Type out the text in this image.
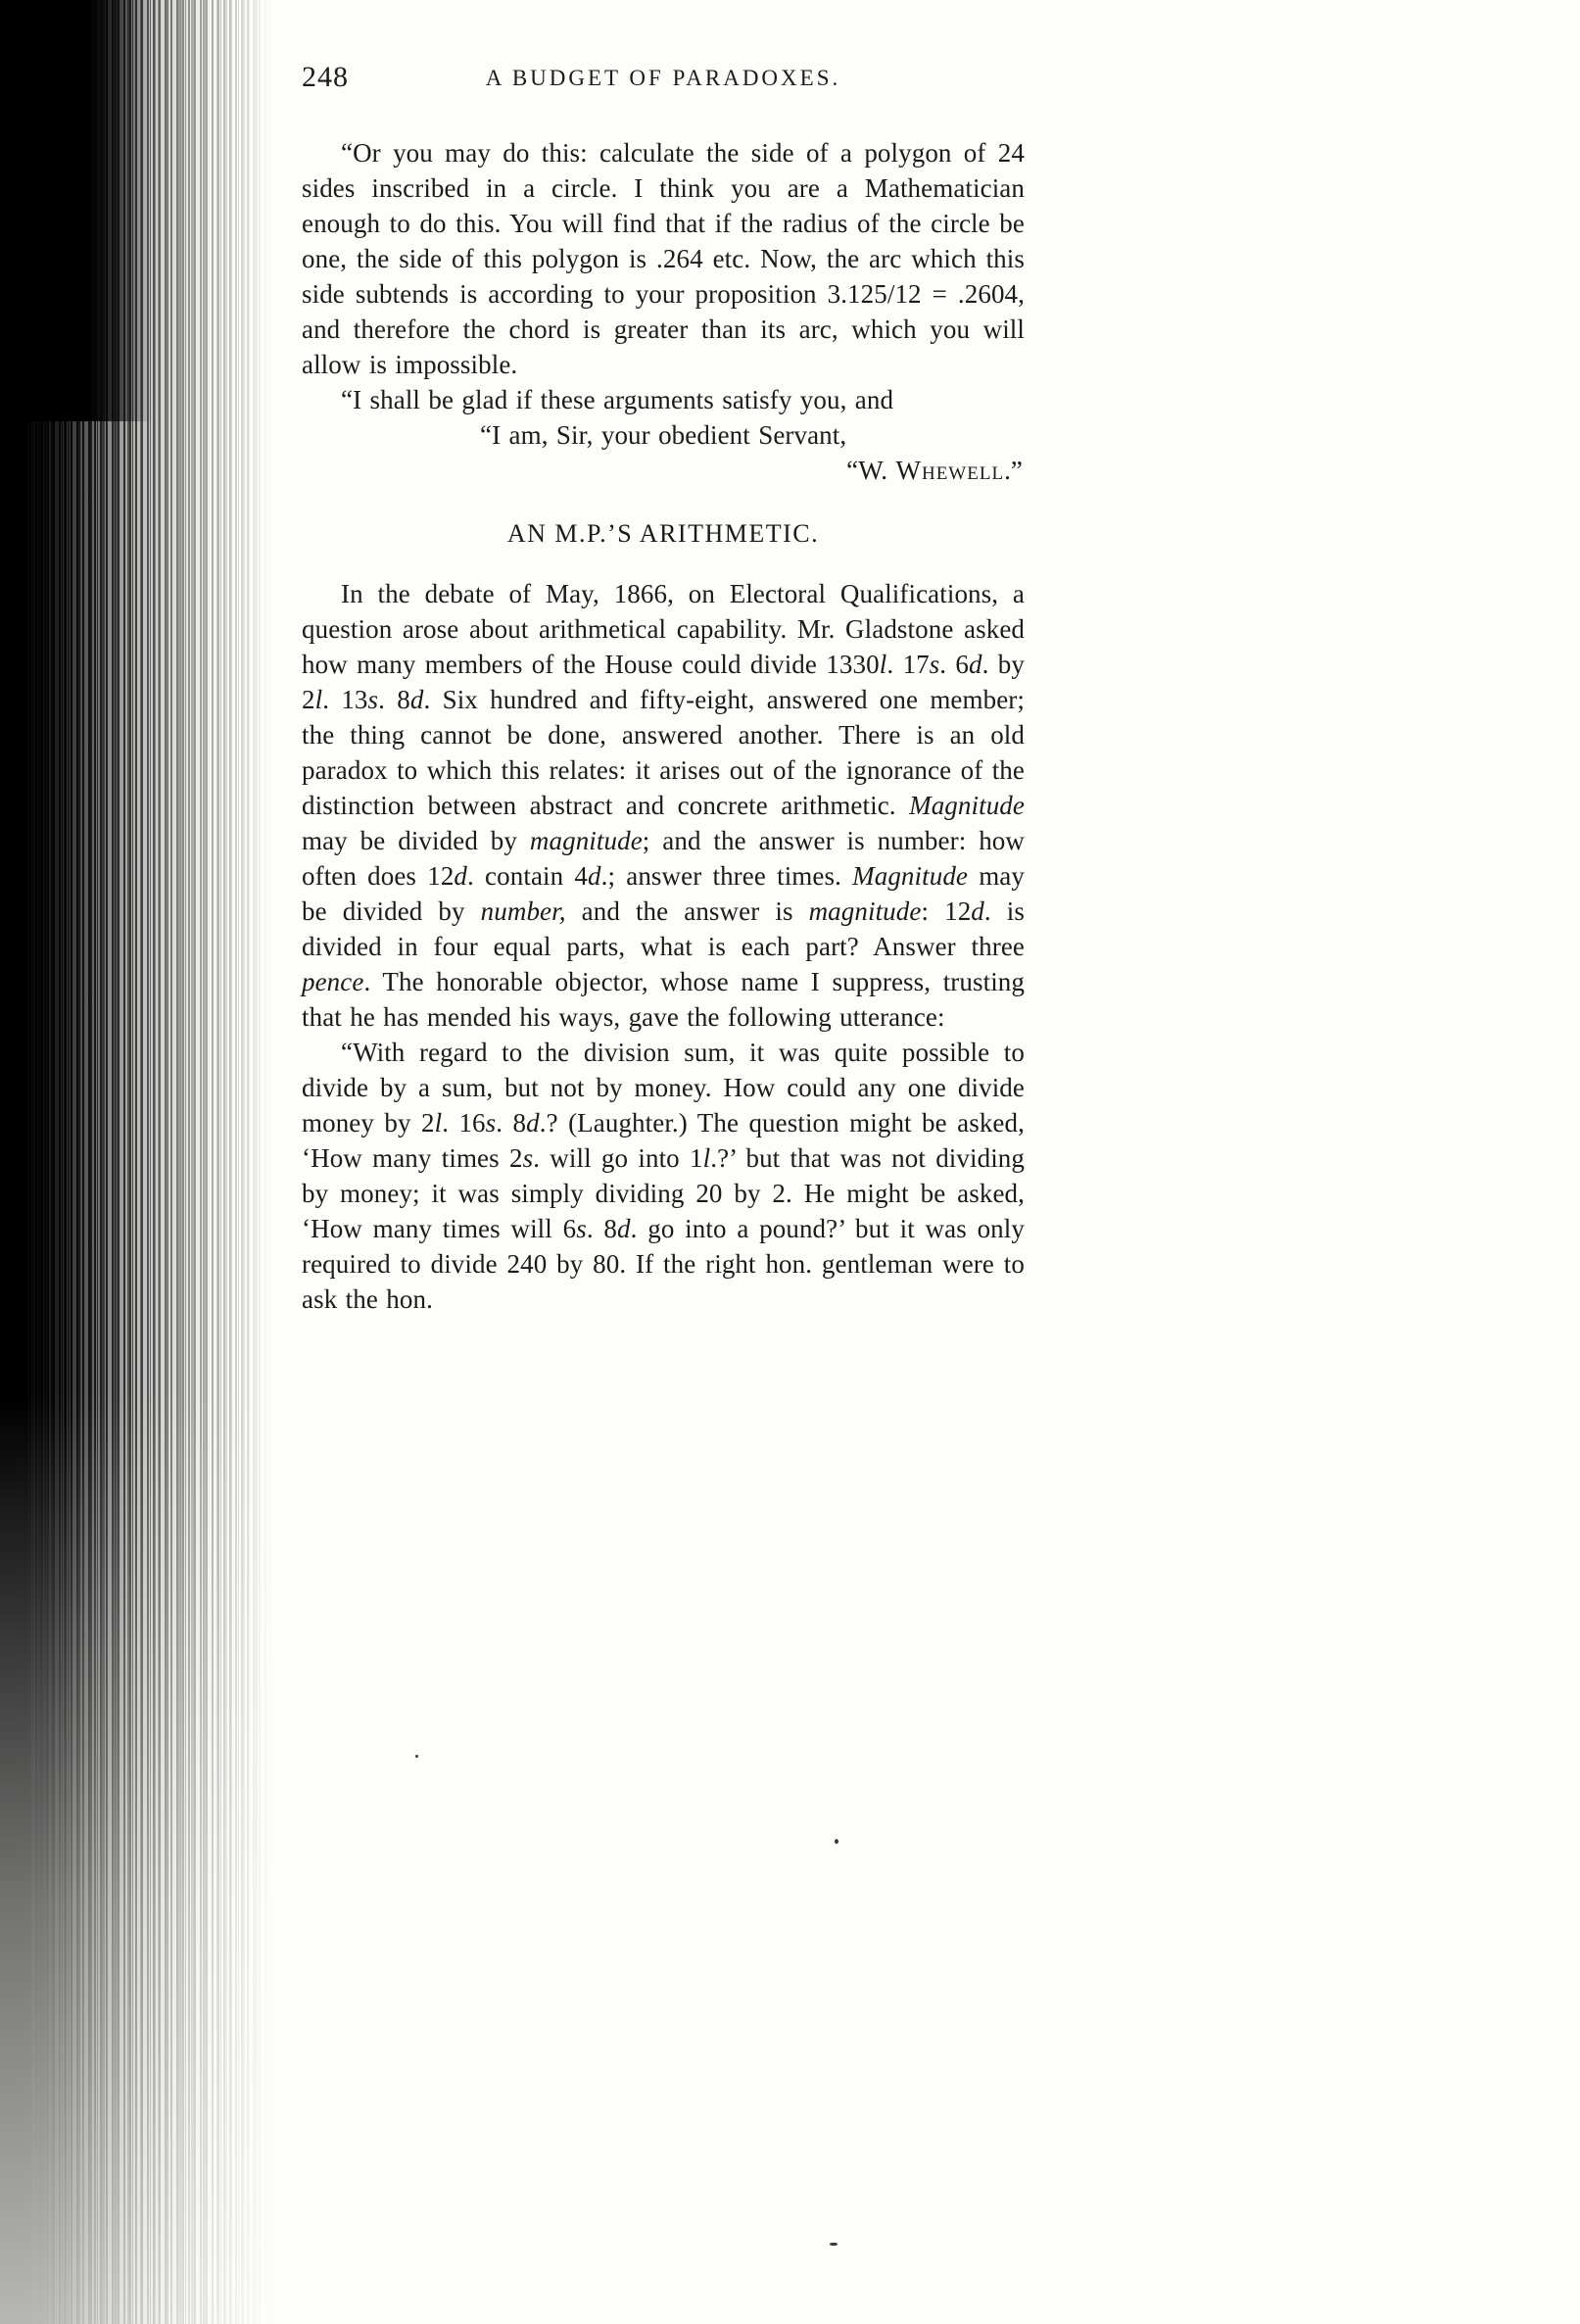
248	A BUDGET OF PARADOXES.

“Or you may do this: calculate the side of a polygon of 24 sides inscribed in a circle. I think you are a Mathematician enough to do this. You will find that if the radius of the circle be one, the side of this polygon is .264 etc. Now, the arc which this side subtends is according to your proposition 3.125/12 = .2604, and therefore the chord is greater than its arc, which you will allow is impossible.

“I shall be glad if these arguments satisfy you, and

“I am, Sir, your obedient Servant,

“W. Whewell.”

AN M.P.’S ARITHMETIC.

In the debate of May, 1866, on Electoral Qualifications, a question arose about arithmetical capability. Mr. Gladstone asked how many members of the House could divide 1330l. 17s. 6d. by 2l. 13s. 8d. Six hundred and fifty-eight, answered one member; the thing cannot be done, answered another. There is an old paradox to which this relates: it arises out of the ignorance of the distinction between abstract and concrete arithmetic. Magnitude may be divided by magnitude; and the answer is number: how often does 12d. contain 4d.; answer three times. Magnitude may be divided by number, and the answer is magnitude: 12d. is divided in four equal parts, what is each part? Answer three pence. The honorable objector, whose name I suppress, trusting that he has mended his ways, gave the following utterance:

“With regard to the division sum, it was quite possible to divide by a sum, but not by money. How could any one divide money by 2l. 16s. 8d.? (Laughter.) The question might be asked, ‘How many times 2s. will go into 1l.?’ but that was not dividing by money; it was simply dividing 20 by 2. He might be asked, ‘How many times will 6s. 8d. go into a pound?’ but it was only required to divide 240 by 80. If the right hon. gentleman were to ask the hon.
